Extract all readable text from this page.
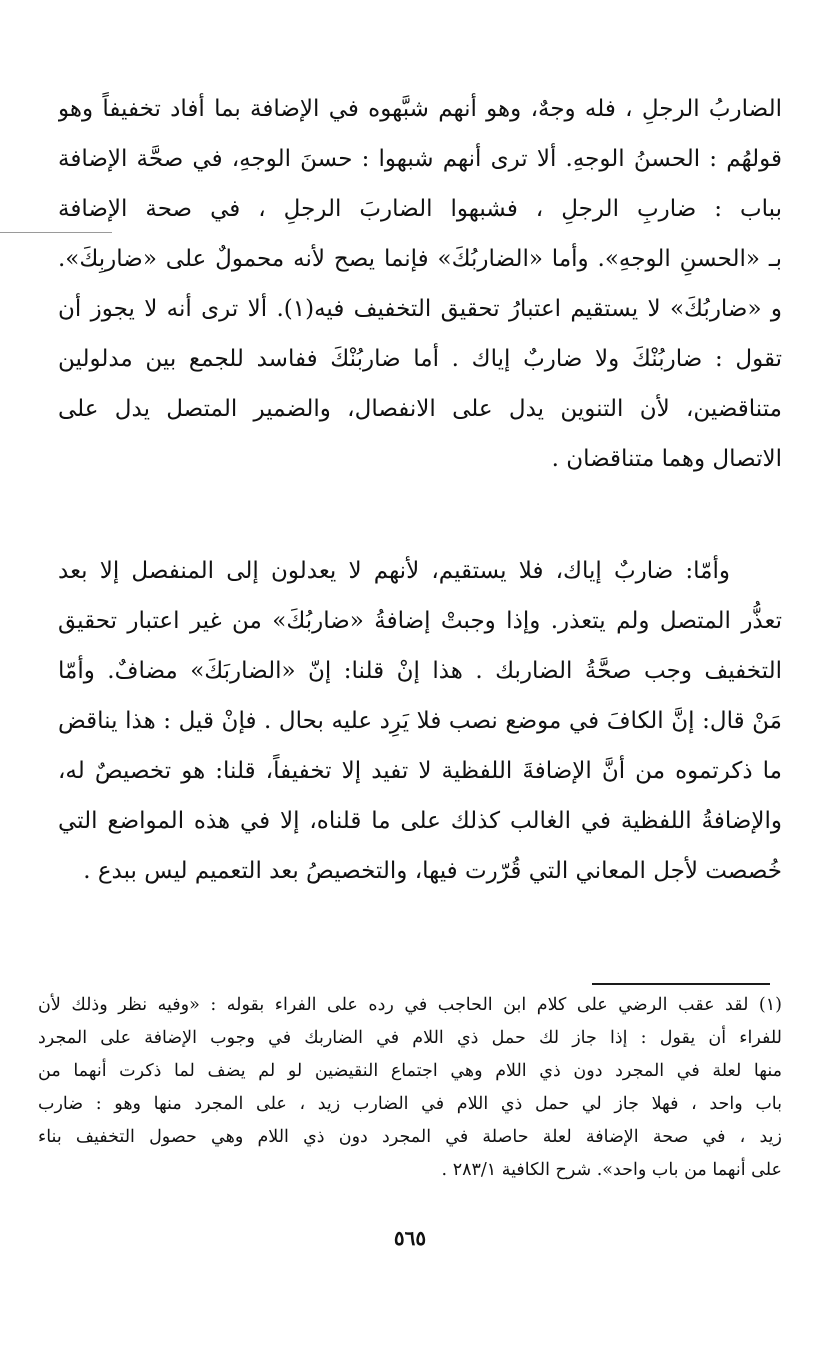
الضاربُ الرجلِ ، فله وجهٌ، وهو أنهم شبَّهوه في الإضافة بما أفاد تخفيفاً وهو
قولهُم : الحسنُ الوجهِ. ألا ترى أنهم شبهوا : حسنَ الوجهِ، في صحَّة الإضافة
بباب : ضاربِ الرجلِ ، فشبهوا الضاربَ الرجلِ ، في صحة الإضافة
بـ «الحسنِ الوجهِ». وأما «الضاربُكَ» فإنما يصح لأنه محمولٌ على «ضاربِكَ».
و «ضاربُكَ» لا يستقيم اعتبارُ تحقيق التخفيف فيه(١). ألا ترى أنه لا يجوز أن
تقول : ضاربُنْكَ ولا ضاربٌ إياك . أما ضاربُنْكَ ففاسد للجمع بين مدلولين
متناقضين، لأن التنوين يدل على الانفصال، والضمير المتصل يدل على
الاتصال وهما متناقضان .
وأمّا: ضاربٌ إياك، فلا يستقيم، لأنهم لا يعدلون إلى المنفصل إلا بعد
تعذُّر المتصل ولم يتعذر. وإذا وجبتْ إضافةُ «ضاربُكَ» من غير اعتبار تحقيق
التخفيف وجب صحَّةُ الضاربك . هذا إنْ قلنا: إنّ «الضاربَكَ» مضافٌ. وأمّا
مَنْ قال: إنَّ الكافَ في موضع نصب فلا يَرِد عليه بحال . فإنْ قيل : هذا يناقض
ما ذكرتموه من أنَّ الإضافةَ اللفظية لا تفيد إلا تخفيفاً، قلنا: هو تخصيصٌ له،
والإضافةُ اللفظية في الغالب كذلك على ما قلناه، إلا في هذه المواضع التي
خُصصت لأجل المعاني التي قُرّرت فيها، والتخصيصُ بعد التعميم ليس ببدع .
(١) لقد عقب الرضي على كلام ابن الحاجب في رده على الفراء بقوله : «وفيه نظر وذلك لأن
للفراء أن يقول : إذا جاز لك حمل ذي اللام في الضاربك في وجوب الإضافة على المجرد
منها لعلة في المجرد دون ذي اللام وهي اجتماع النقيضين لو لم يضف لما ذكرت أنهما من
باب واحد ، فهلا جاز لي حمل ذي اللام في الضارب زيد ، على المجرد منها وهو : ضارب
زيد ، في صحة الإضافة لعلة حاصلة في المجرد دون ذي اللام وهي حصول التخفيف بناء
على أنهما من باب واحد». شرح الكافية ٢٨٣/١ .
٥٦٥
